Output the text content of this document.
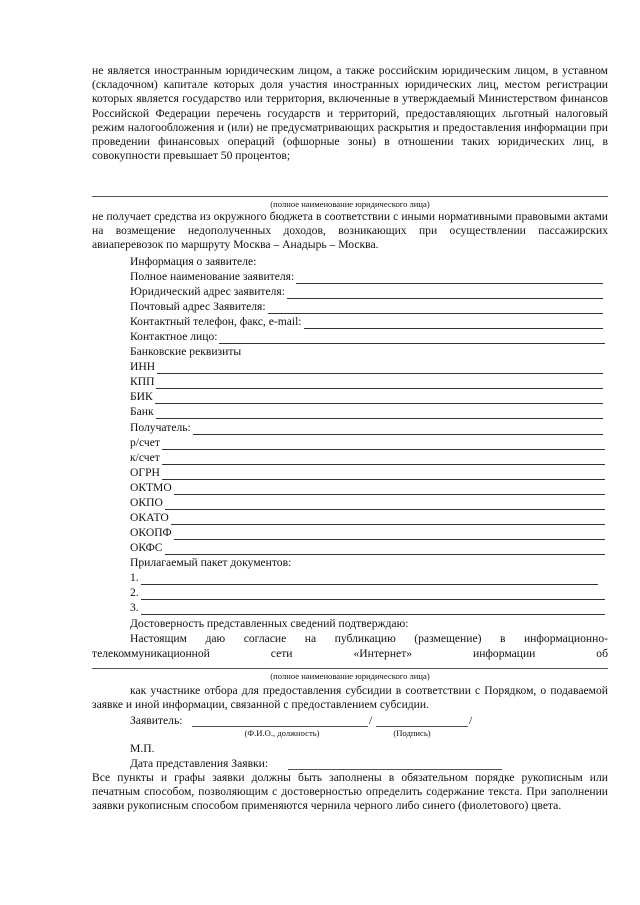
не является иностранным юридическим лицом, а также российским юридическим лицом, в уставном (складочном) капитале которых доля участия иностранных юридических лиц, местом регистрации которых является государство или территория, включенные в утверждаемый Министерством финансов Российской Федерации перечень государств и территорий, предоставляющих льготный налоговый режим налогообложения и (или) не предусматривающих раскрытия и предоставления информации при проведении финансовых операций (офшорные зоны) в отношении таких юридических лиц, в совокупности превышает 50 процентов;

(полное наименование юридического лица)

не получает средства из окружного бюджета в соответствии с иными нормативными правовыми актами на возмещение недополученных доходов, возникающих при осуществлении пассажирских авиаперевозок по маршруту Москва – Анадырь – Москва.

Информация о заявителе:
Полное наименование заявителя:
Юридический адрес заявителя:
Почтовый адрес Заявителя:
Контактный телефон, факс, e-mail:
Контактное лицо:
Банковские реквизиты
ИНН
КПП
БИК
Банк
Получатель:
р/счет
к/счет
ОГРН
ОКТМО
ОКПО
ОКАТО
ОКОПФ
ОКФС
Прилагаемый пакет документов:
1.
2.
3.
Достоверность представленных сведений подтверждаю:
Настоящим даю согласие на публикацию (размещение) в информационно-
телекоммуникационной сети «Интернет» информации об
(полное наименование юридического лица)

как участнике отбора для предоставления субсидии в соответствии с Порядком, о подаваемой заявке и иной информации, связанной с предоставлением субсидии.

Заявитель:	/	/
(Ф.И.О., должность)	(Подпись)
М.П.
Дата представления Заявки:

Все пункты и графы заявки должны быть заполнены в обязательном порядке рукописным или печатным способом, позволяющим с достоверностью определить содержание текста. При заполнении заявки рукописным способом применяются чернила черного либо синего (фиолетового) цвета.
